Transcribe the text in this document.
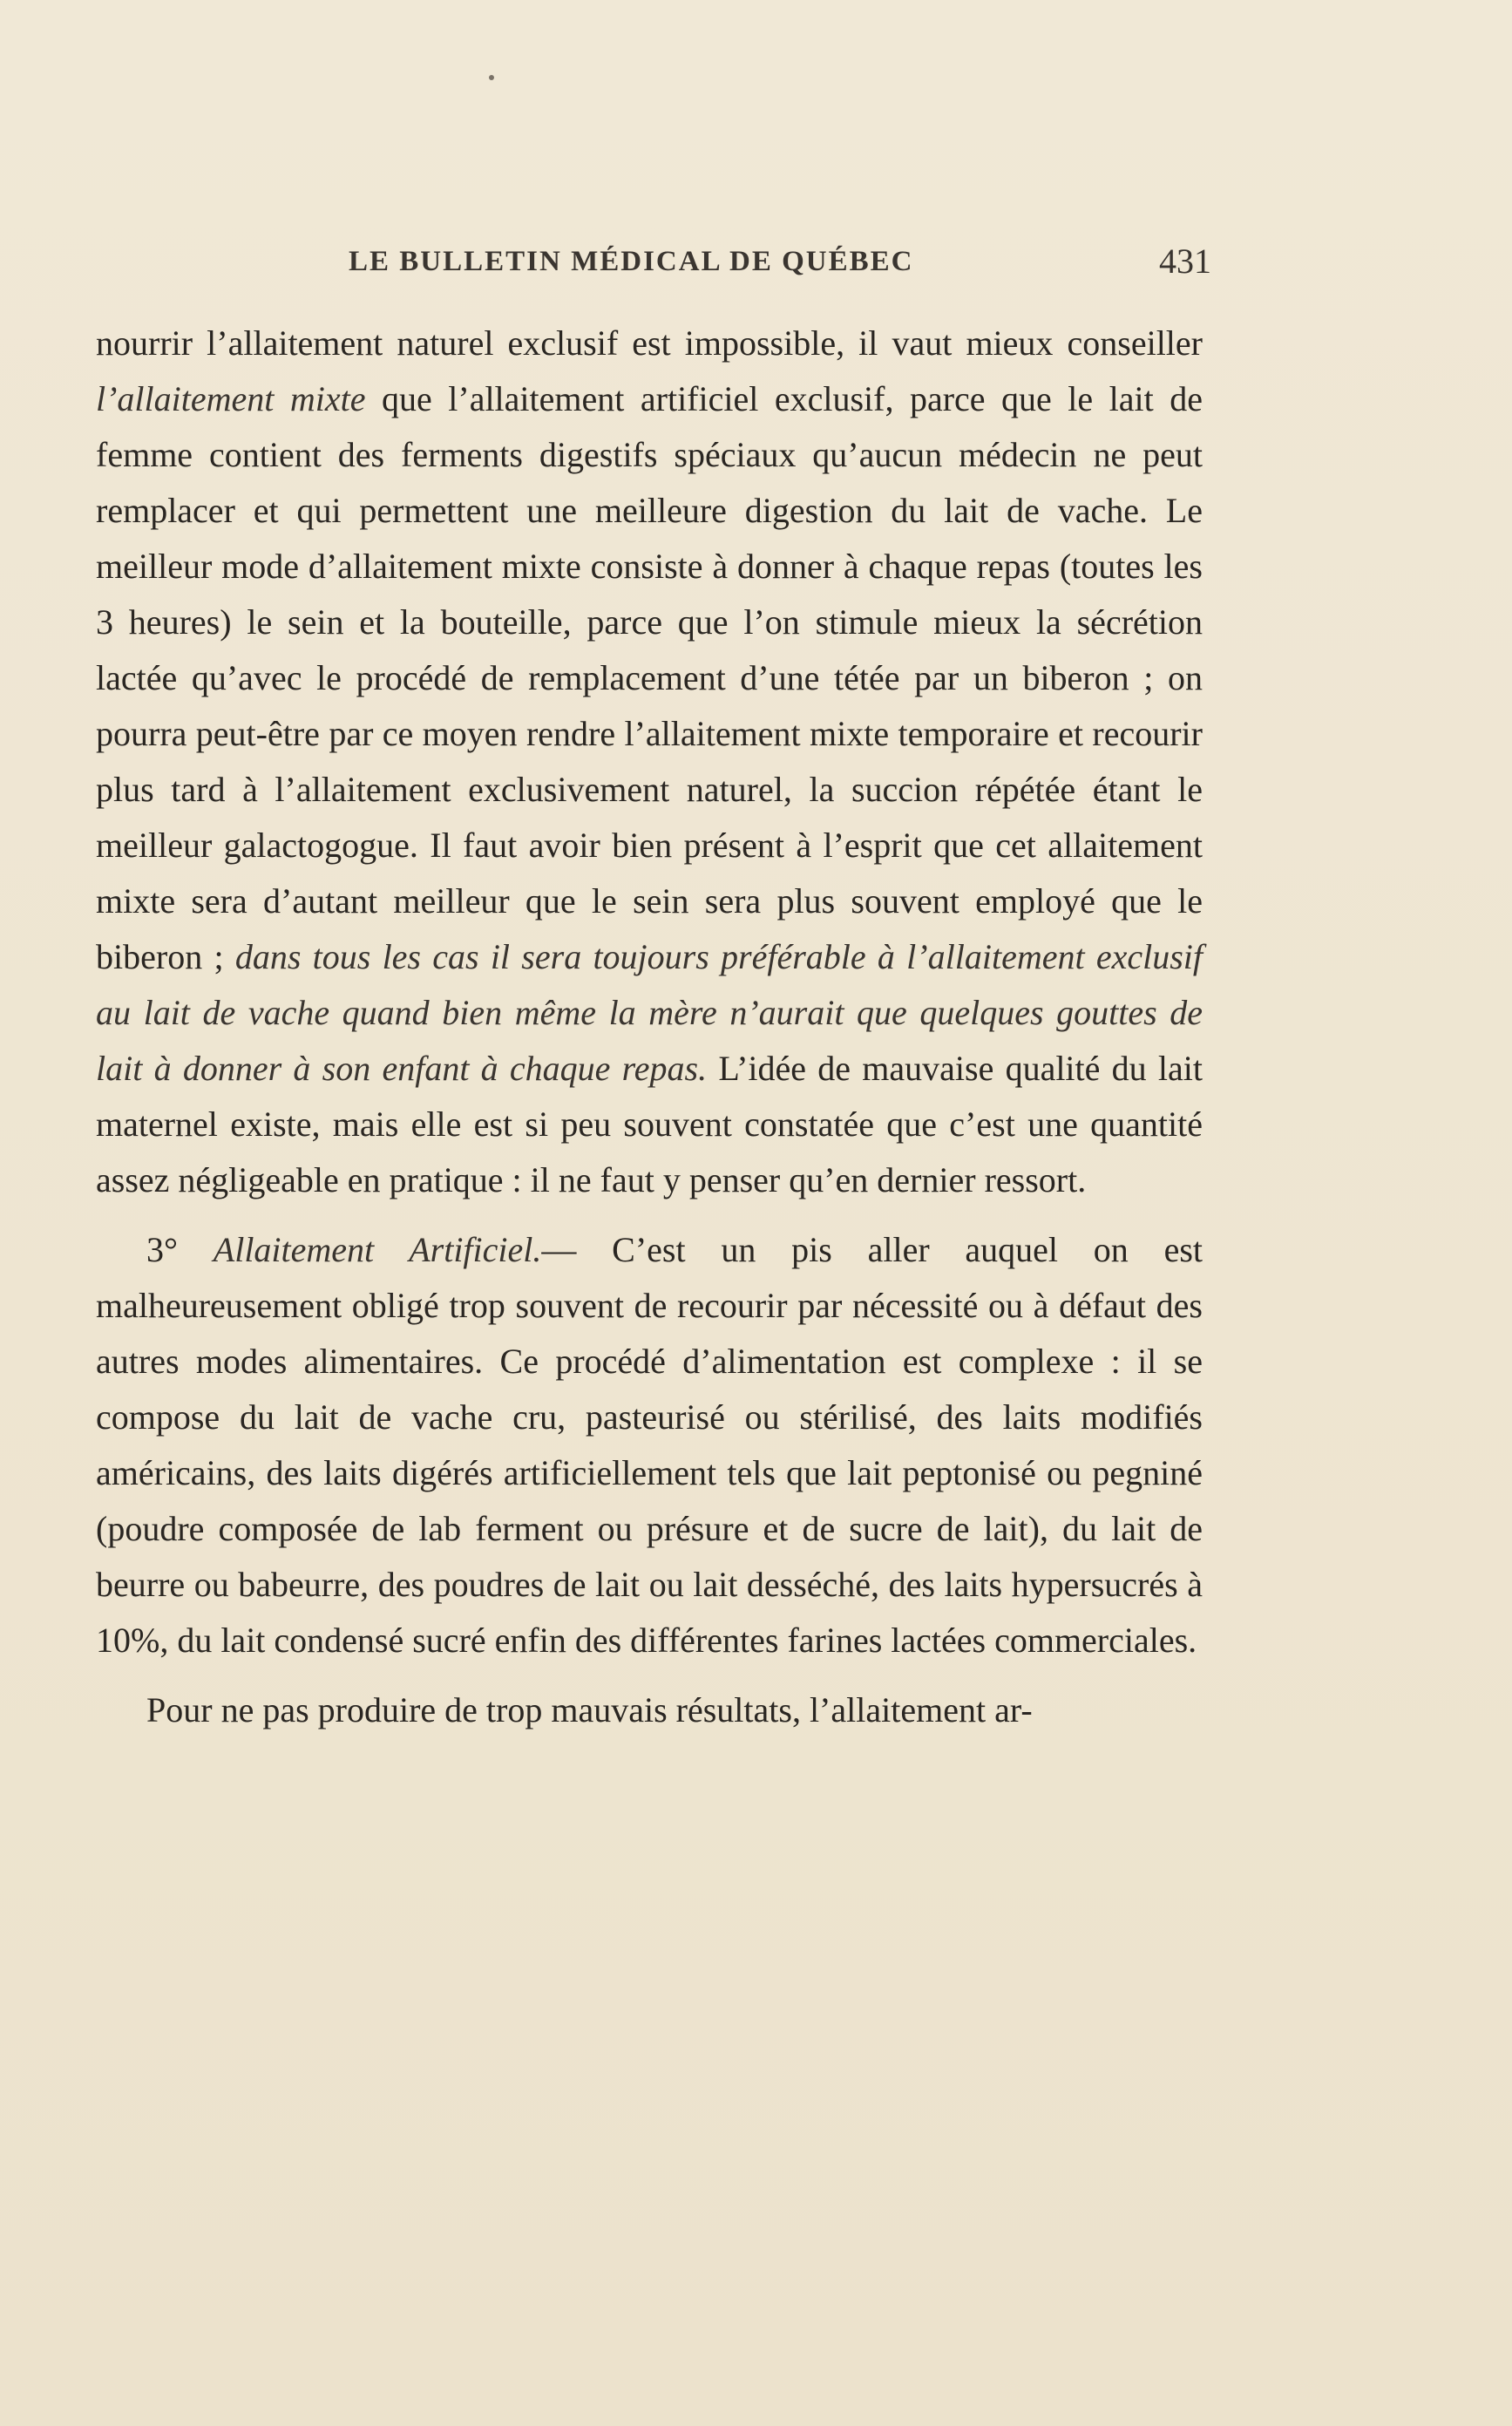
LE BULLETIN MÉDICAL DE QUÉBEC	431

nourrir l’allaitement naturel exclusif est impossible, il vaut mieux conseiller l’allaitement mixte que l’allaitement artificiel exclusif, parce que le lait de femme contient des ferments digestifs spéciaux qu’aucun médecin ne peut remplacer et qui permettent une meilleure digestion du lait de vache. Le meilleur mode d’allaitement mixte consiste à donner à chaque repas (toutes les 3 heures) le sein et la bouteille, parce que l’on stimule mieux la sécrétion lactée qu’avec le procédé de remplacement d’une tétée par un biberon ; on pourra peut-être par ce moyen rendre l’allaitement mixte temporaire et recourir plus tard à l’allaitement exclusivement naturel, la succion répétée étant le meilleur galactogogue. Il faut avoir bien présent à l’esprit que cet allaitement mixte sera d’autant meilleur que le sein sera plus souvent employé que le biberon ; dans tous les cas il sera toujours préférable à l’allaitement exclusif au lait de vache quand bien même la mère n’aurait que quelques gouttes de lait à donner à son enfant à chaque repas. L’idée de mauvaise qualité du lait maternel existe, mais elle est si peu souvent constatée que c’est une quantité assez négligeable en pratique : il ne faut y penser qu’en dernier ressort.

3° Allaitement Artificiel.— C’est un pis aller auquel on est malheureusement obligé trop souvent de recourir par nécessité ou à défaut des autres modes alimentaires. Ce procédé d’alimentation est complexe : il se compose du lait de vache cru, pasteurisé ou stérilisé, des laits modifiés américains, des laits digérés artificiellement tels que lait peptonisé ou pegniné (poudre composée de lab ferment ou présure et de sucre de lait), du lait de beurre ou babeurre, des poudres de lait ou lait desséché, des laits hypersucrés à 10%, du lait condensé sucré enfin des différentes farines lactées commerciales.

Pour ne pas produire de trop mauvais résultats, l’allaitement ar-
